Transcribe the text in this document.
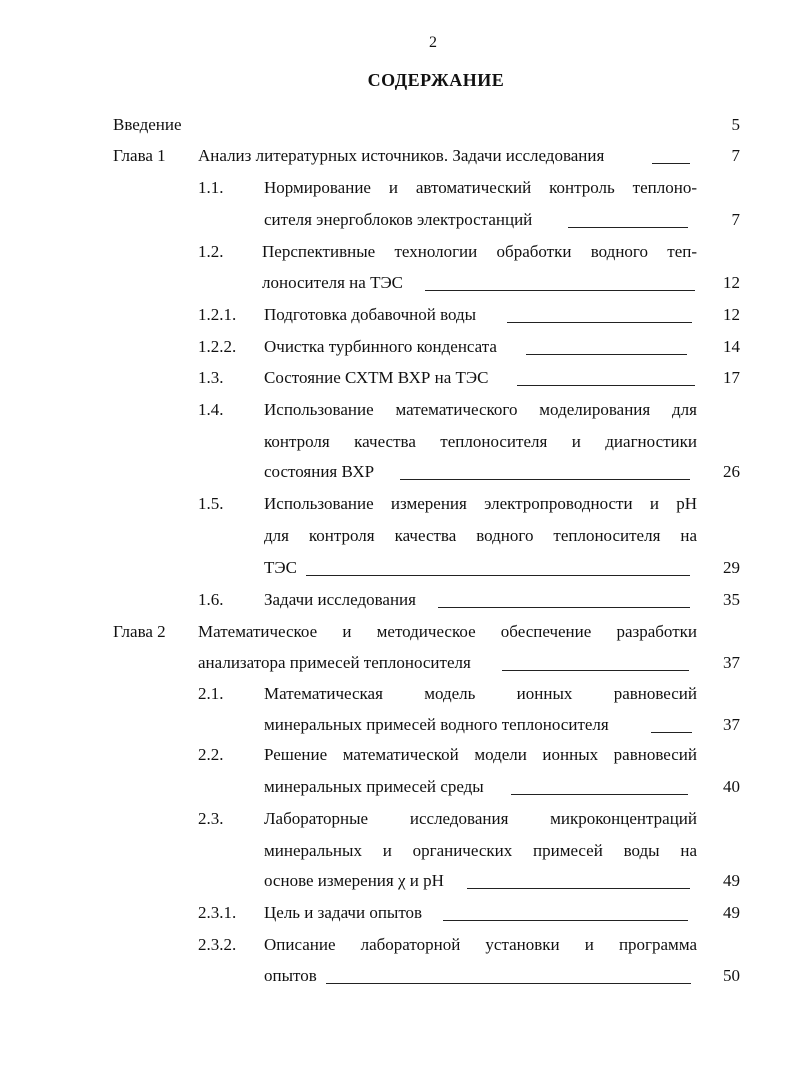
2
СОДЕРЖАНИЕ
Введение	5
Глава 1 Анализ литературных источников. Задачи исследования	7
1.1. Нормирование и автоматический контроль теплоно-
сителя энергоблоков электростанций	7
1.2. Перспективные технологии обработки водного теп-
лоносителя на ТЭС	12
1.2.1. Подготовка добавочной воды	12
1.2.2. Очистка турбинного конденсата	14
1.3. Состояние СХТМ ВХР на ТЭС	17
1.4. Использование математического моделирования для
контроля качества теплоносителя и диагностики
состояния ВХР	26
1.5. Использование измерения электропроводности и рН
для контроля качества водного теплоносителя на
ТЭС	29
1.6. Задачи исследования	35
Глава 2 Математическое и методическое обеспечение разработки
анализатора примесей теплоносителя	37
2.1. Математическая модель ионных равновесий
минеральных примесей водного теплоносителя	37
2.2. Решение математической модели ионных равновесий
минеральных примесей среды	40
2.3. Лабораторные исследования микроконцентраций
минеральных и органических примесей воды на
основе измерения χ и рН	49
2.3.1. Цель и задачи опытов	49
2.3.2. Описание лабораторной установки и программа
опытов	50
